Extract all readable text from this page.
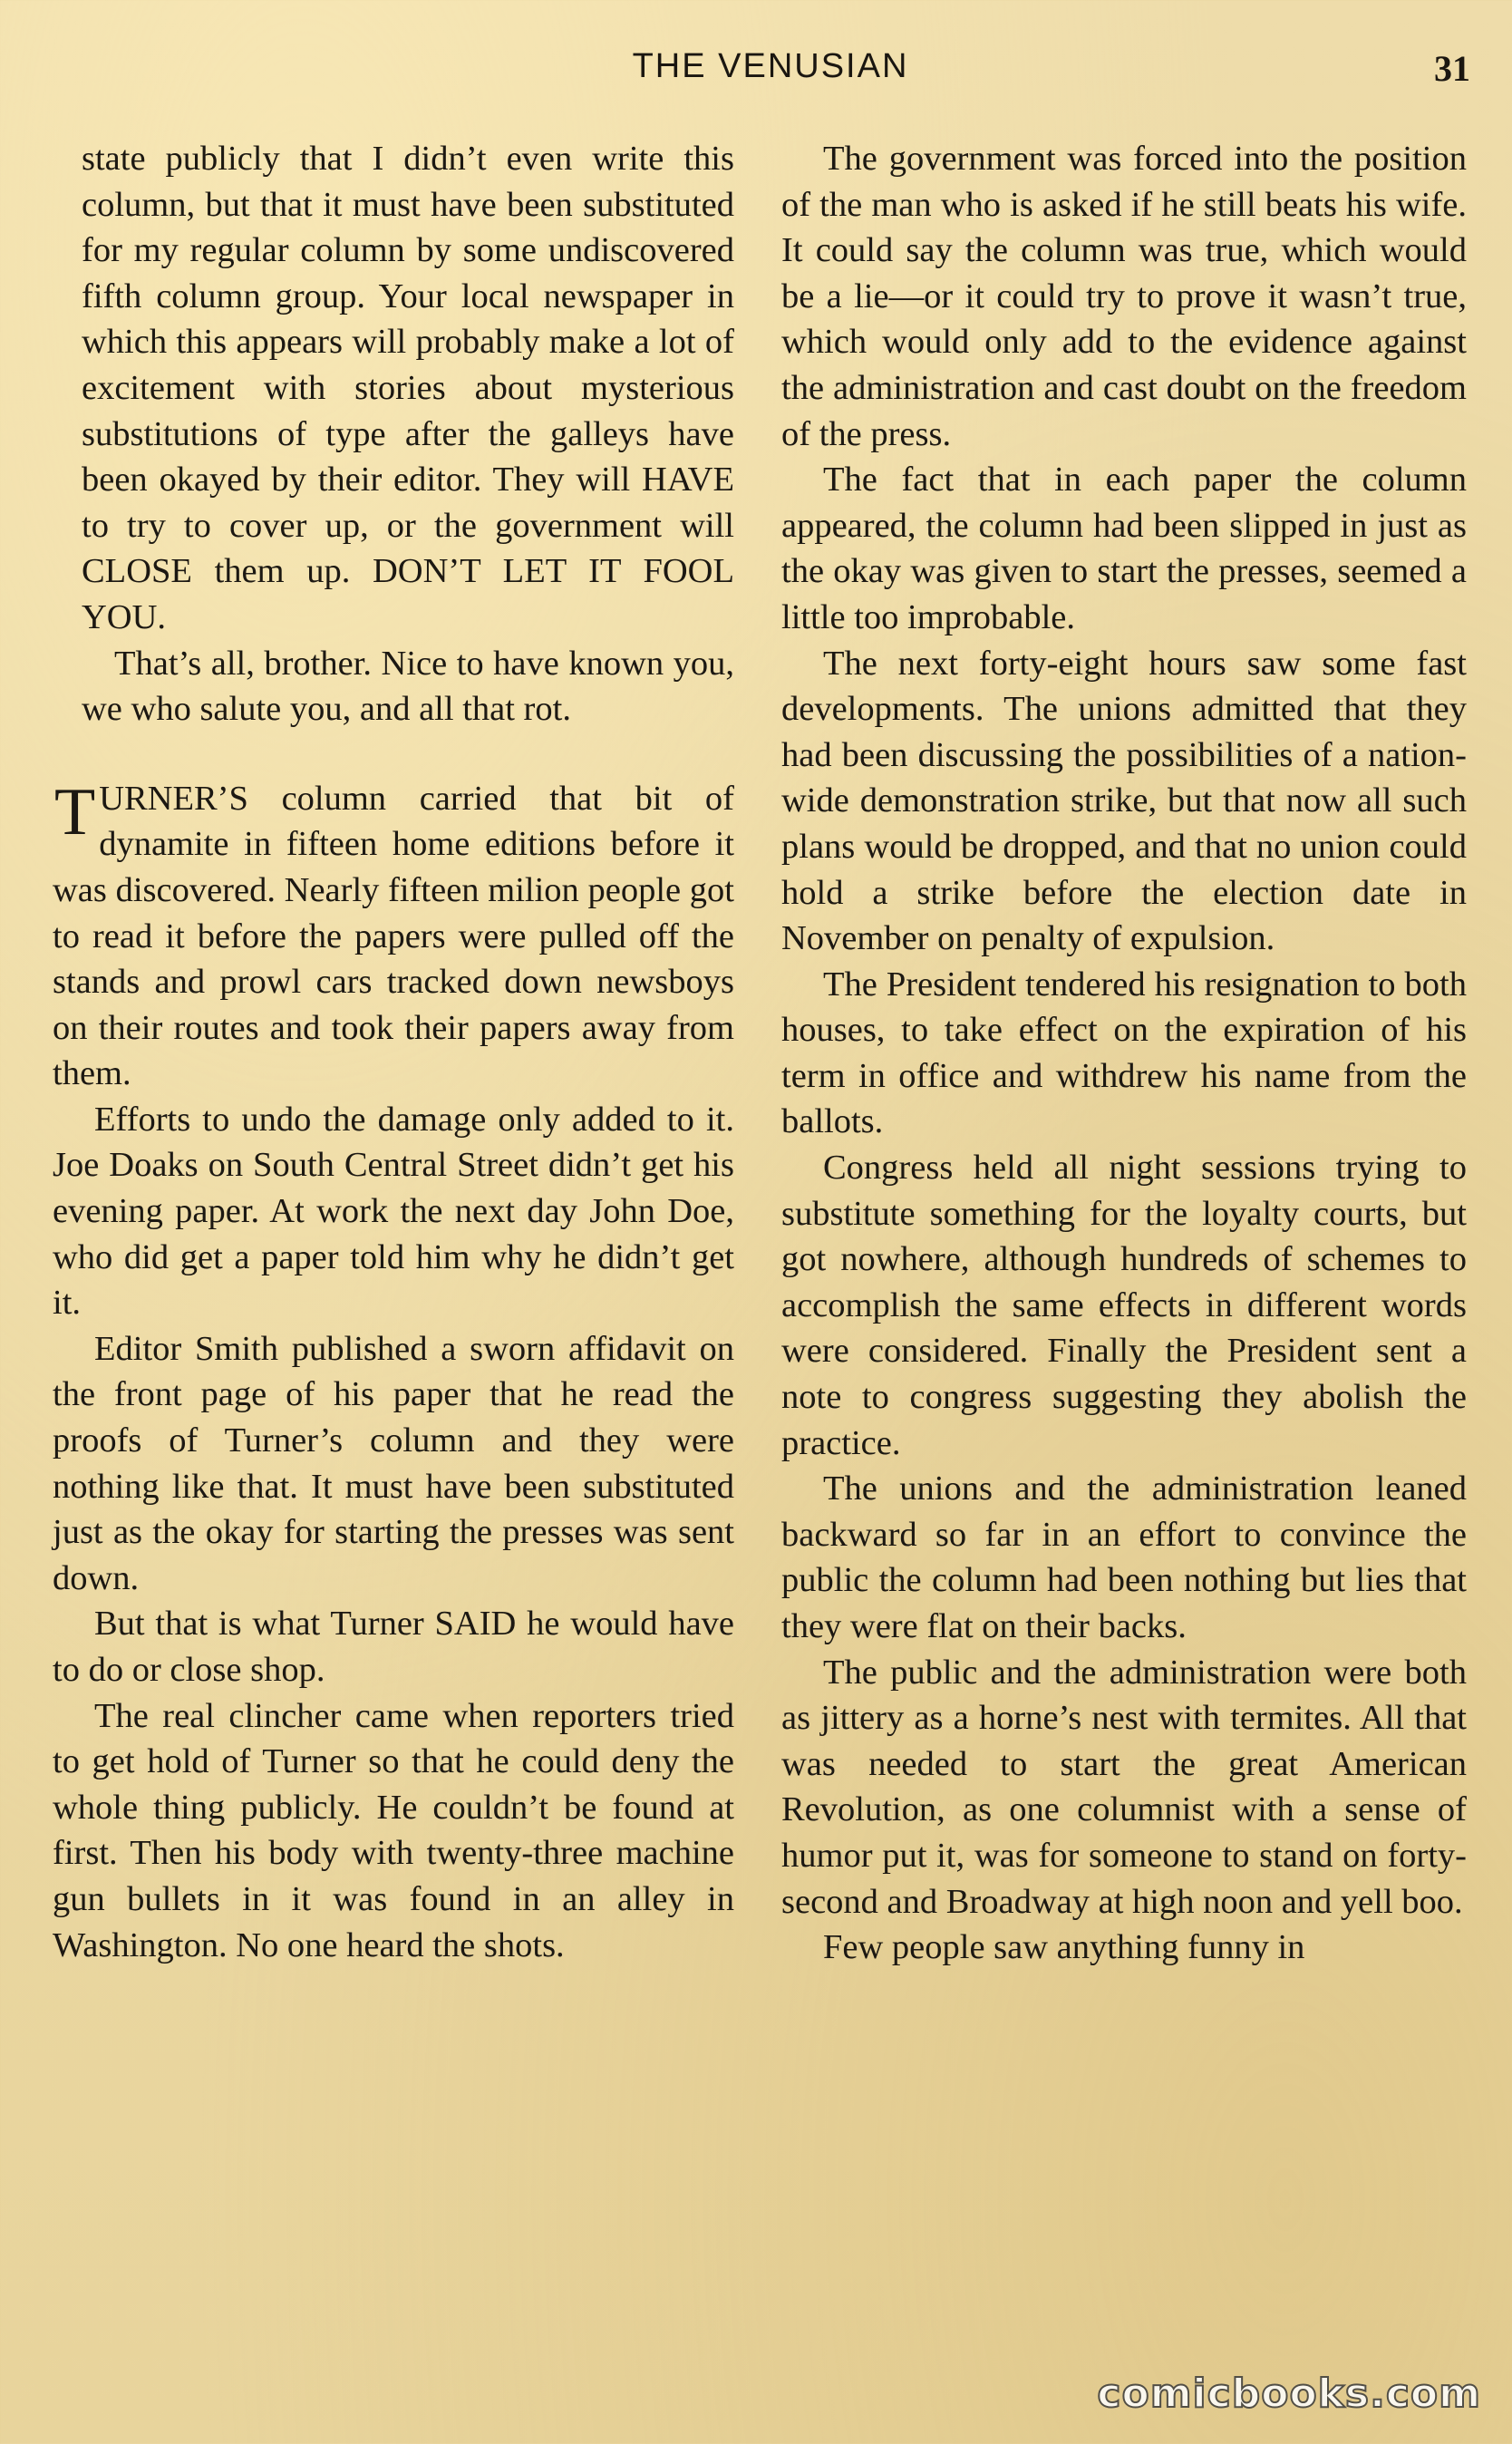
THE VENUSIAN	31

state publicly that I didn’t even write this column, but that it must have been substituted for my regular column by some undiscovered fifth column group. Your local newspaper in which this appears will probably make a lot of excitement with stories about mysterious substitutions of type after the galleys have been okayed by their editor. They will HAVE to try to cover up, or the government will CLOSE them up. DON’T LET IT FOOL YOU.

That’s all, brother. Nice to have known you, we who salute you, and all that rot.

TURNER’S column carried that bit of dynamite in fifteen home editions before it was discovered. Nearly fifteen milion people got to read it before the papers were pulled off the stands and prowl cars tracked down newsboys on their routes and took their papers away from them.

Efforts to undo the damage only added to it. Joe Doaks on South Central Street didn’t get his evening paper. At work the next day John Doe, who did get a paper told him why he didn’t get it.

Editor Smith published a sworn affidavit on the front page of his paper that he read the proofs of Turner’s column and they were nothing like that. It must have been substituted just as the okay for starting the presses was sent down.

But that is what Turner SAID he would have to do or close shop.

The real clincher came when reporters tried to get hold of Turner so that he could deny the whole thing publicly. He couldn’t be found at first. Then his body with twenty-three machine gun bullets in it was found in an alley in Washington. No one heard the shots.

The government was forced into the position of the man who is asked if he still beats his wife. It could say the column was true, which would be a lie—or it could try to prove it wasn’t true, which would only add to the evidence against the administration and cast doubt on the freedom of the press.

The fact that in each paper the column appeared, the column had been slipped in just as the okay was given to start the presses, seemed a little too improbable.

The next forty-eight hours saw some fast developments. The unions admitted that they had been discussing the possibilities of a nation-wide demonstration strike, but that now all such plans would be dropped, and that no union could hold a strike before the election date in November on penalty of expulsion.

The President tendered his resignation to both houses, to take effect on the expiration of his term in office and withdrew his name from the ballots.

Congress held all night sessions trying to substitute something for the loyalty courts, but got nowhere, although hundreds of schemes to accomplish the same effects in different words were considered. Finally the President sent a note to congress suggesting they abolish the practice.

The unions and the administration leaned backward so far in an effort to convince the public the column had been nothing but lies that they were flat on their backs.

The public and the administration were both as jittery as a horne’s nest with termites. All that was needed to start the great American Revolution, as one columnist with a sense of humor put it, was for someone to stand on forty-second and Broadway at high noon and yell boo.

Few people saw anything funny in

comicbooks.com
